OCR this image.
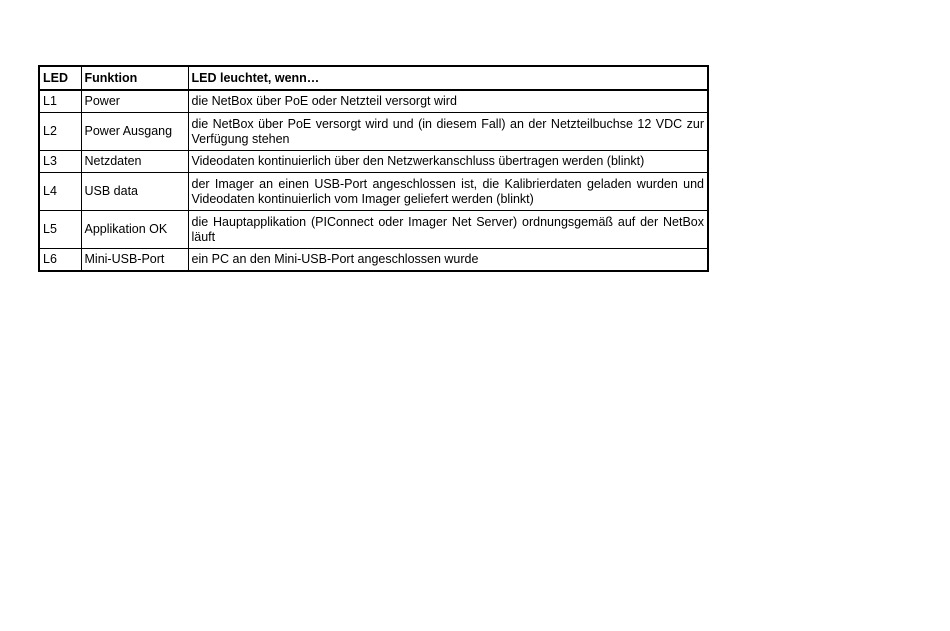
LED	Funktion	LED leuchtet, wenn…
L1	Power	die NetBox über PoE oder Netzteil versorgt wird
L2	Power Ausgang	die NetBox über PoE versorgt wird und (in diesem Fall) an der Netzteilbuchse 12 VDC zur Verfügung stehen
L3	Netzdaten	Videodaten kontinuierlich über den Netzwerkanschluss übertragen werden (blinkt)
L4	USB data	der Imager an einen USB-Port angeschlossen ist, die Kalibrierdaten geladen wurden und Videodaten kontinuierlich vom Imager geliefert werden (blinkt)
L5	Applikation OK	die Hauptapplikation (PIConnect oder Imager Net Server) ordnungsgemäß auf der NetBox läuft
L6	Mini-USB-Port	ein PC an den Mini-USB-Port angeschlossen wurde
